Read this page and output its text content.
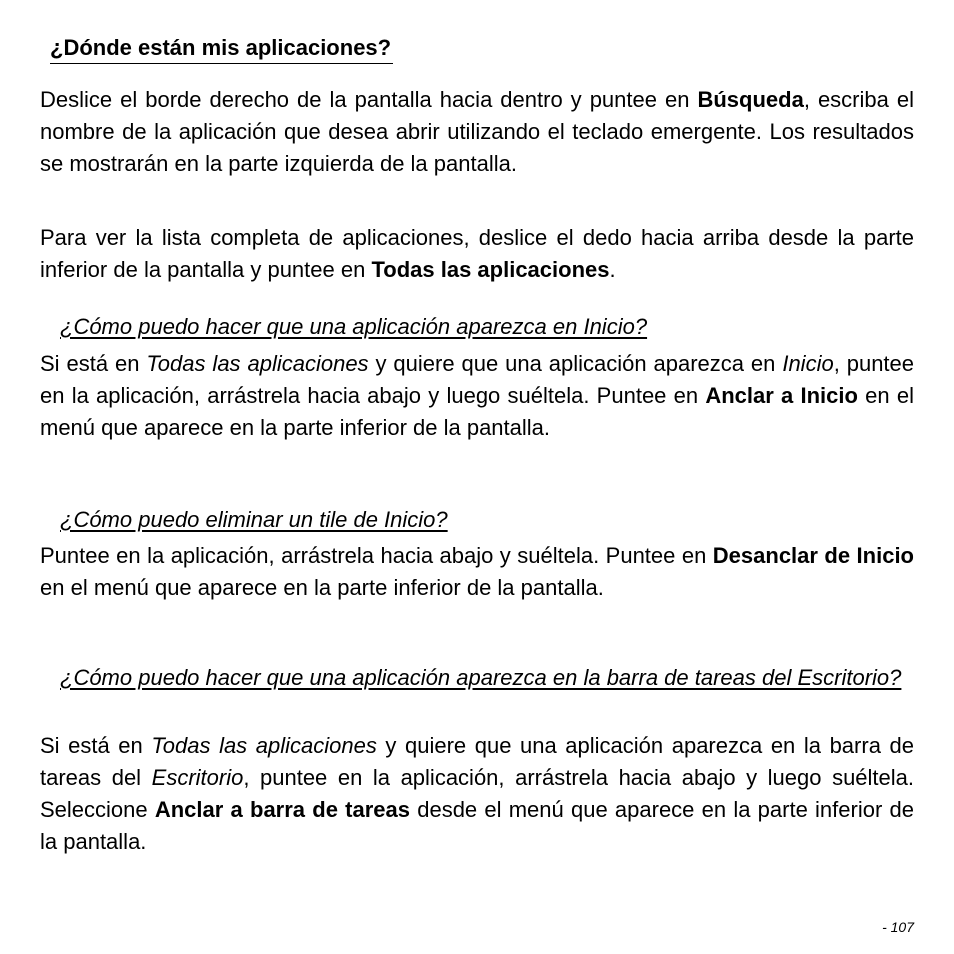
¿Dónde están mis aplicaciones?

Deslice el borde derecho de la pantalla hacia dentro y puntee en Búsqueda, escriba el nombre de la aplicación que desea abrir utilizando el teclado emergente. Los resultados se mostrarán en la parte izquierda de la pantalla.

Para ver la lista completa de aplicaciones, deslice el dedo hacia arriba desde la parte inferior de la pantalla y puntee en Todas las aplicaciones.

¿Cómo puedo hacer que una aplicación aparezca en Inicio?

Si está en Todas las aplicaciones y quiere que una aplicación aparezca en Inicio, puntee en la aplicación, arrástrela hacia abajo y luego suéltela. Puntee en Anclar a Inicio en el menú que aparece en la parte inferior de la pantalla.

¿Cómo puedo eliminar un tile de Inicio?

Puntee en la aplicación, arrástrela hacia abajo y suéltela. Puntee en Desanclar de Inicio en el menú que aparece en la parte inferior de la pantalla.

¿Cómo puedo hacer que una aplicación aparezca en la barra de tareas del Escritorio?

Si está en Todas las aplicaciones y quiere que una aplicación aparezca en la barra de tareas del Escritorio, puntee en la aplicación, arrástrela hacia abajo y luego suéltela. Seleccione Anclar a barra de tareas desde el menú que aparece en la parte inferior de la pantalla.

- 107
